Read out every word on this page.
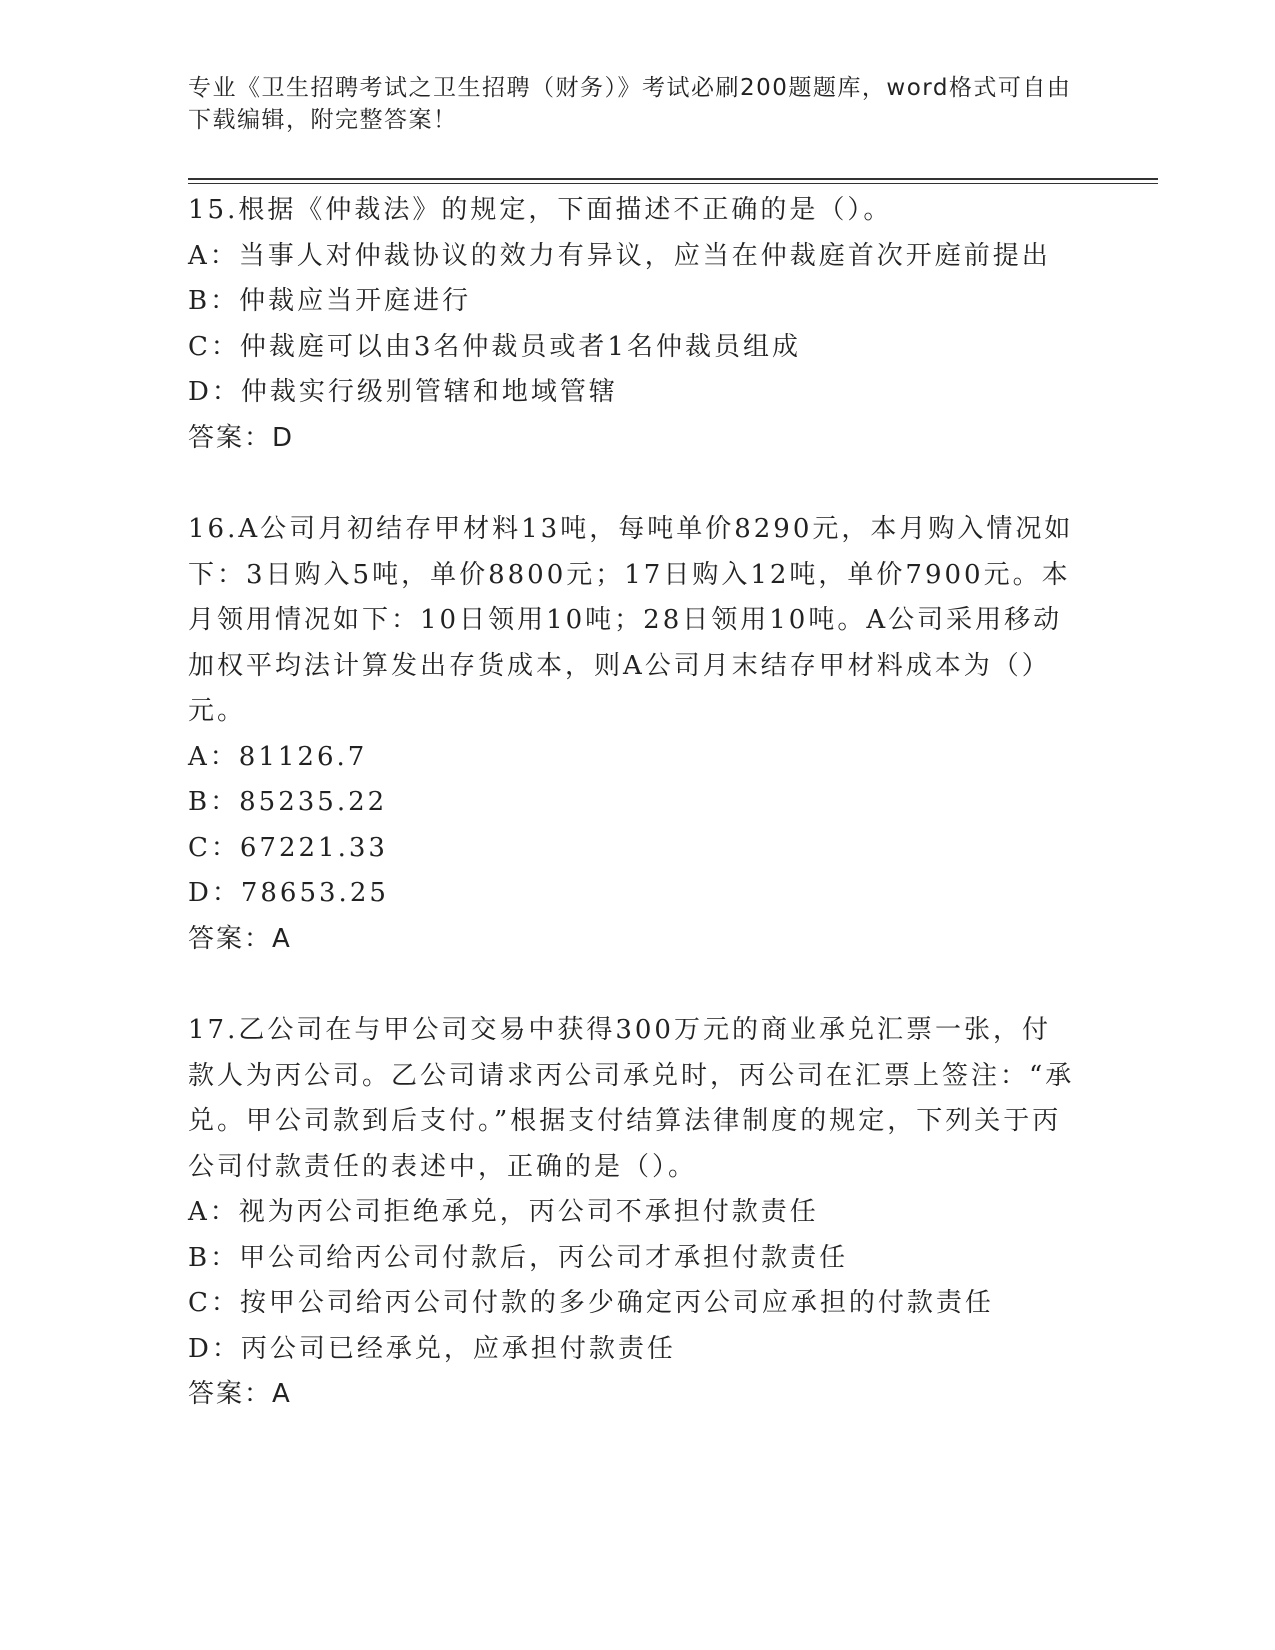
专业《卫生招聘考试之卫生招聘（财务）》考试必刷200题题库，word格式可自由下载编辑，附完整答案！

15.根据《仲裁法》的规定，下面描述不正确的是（）。

A：当事人对仲裁协议的效力有异议，应当在仲裁庭首次开庭前提出

B：仲裁应当开庭进行

C：仲裁庭可以由3名仲裁员或者1名仲裁员组成

D：仲裁实行级别管辖和地域管辖

答案：D

16.A公司月初结存甲材料13吨，每吨单价8290元，本月购入情况如下：3日购入5吨，单价8800元；17日购入12吨，单价7900元。本月领用情况如下：10日领用10吨；28日领用10吨。A公司采用移动加权平均法计算发出存货成本，则A公司月末结存甲材料成本为（）元。

A：81126.7

B：85235.22

C：67221.33

D：78653.25

答案：A

17.乙公司在与甲公司交易中获得300万元的商业承兑汇票一张，付款人为丙公司。乙公司请求丙公司承兑时，丙公司在汇票上签注：“承兑。甲公司款到后支付。”根据支付结算法律制度的规定，下列关于丙公司付款责任的表述中，正确的是（）。

A：视为丙公司拒绝承兑，丙公司不承担付款责任

B：甲公司给丙公司付款后，丙公司才承担付款责任

C：按甲公司给丙公司付款的多少确定丙公司应承担的付款责任

D：丙公司已经承兑，应承担付款责任

答案：A
